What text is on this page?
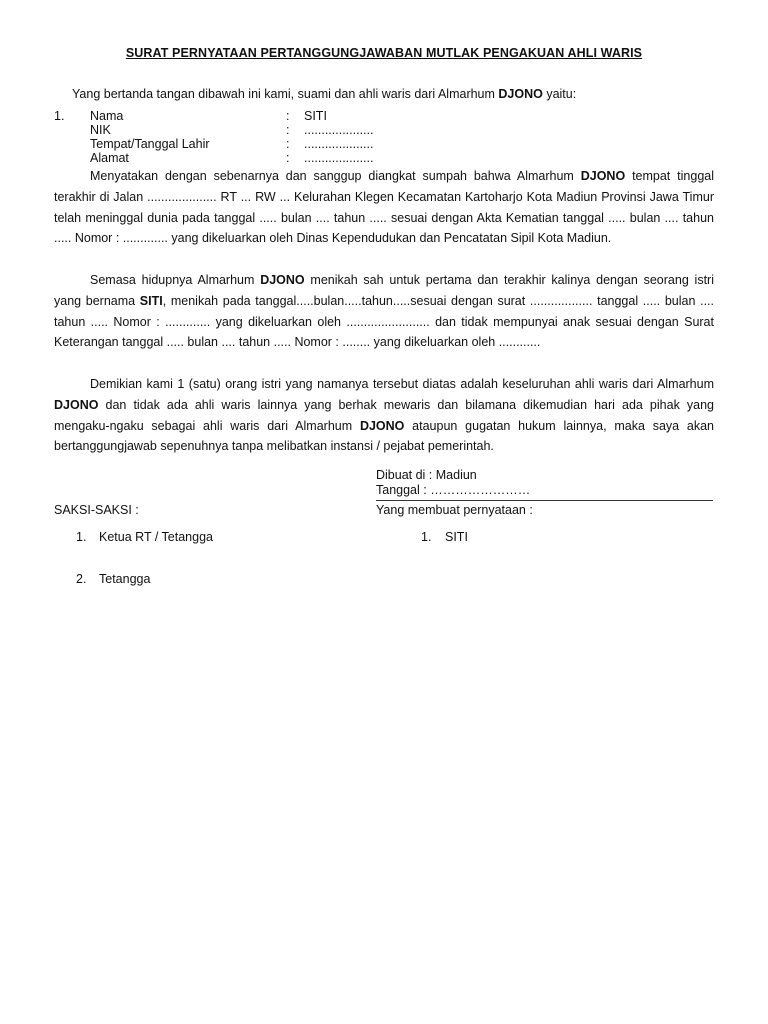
SURAT PERNYATAAN PERTANGGUNGJAWABAN MUTLAK PENGAKUAN AHLI WARIS
Yang bertanda tangan dibawah ini kami, suami dan ahli waris dari Almarhum DJONO yaitu:
1. Nama	: SITI
NIK	: ....................
Tempat/Tanggal Lahir	: ....................
Alamat	: ....................

Menyatakan dengan sebenarnya dan sanggup diangkat sumpah bahwa Almarhum DJONO tempat tinggal terakhir di Jalan .................... RT ... RW ... Kelurahan Klegen Kecamatan Kartoharjo Kota Madiun Provinsi Jawa Timur telah meninggal dunia pada tanggal ..... bulan .... tahun ..... sesuai dengan Akta Kematian tanggal ..... bulan .... tahun ..... Nomor : ............. yang dikeluarkan oleh Dinas Kependudukan dan Pencatatan Sipil Kota Madiun.

Semasa hidupnya Almarhum DJONO menikah sah untuk pertama dan terakhir kalinya dengan seorang istri yang bernama SITI, menikah pada tanggal.....bulan.....tahun.....sesuai dengan surat .................. tanggal ..... bulan .... tahun ..... Nomor : ............. yang dikeluarkan oleh ........................ dan tidak mempunyai anak sesuai dengan Surat Keterangan tanggal ..... bulan .... tahun ..... Nomor : ........ yang dikeluarkan oleh ............

Demikian kami 1 (satu) orang istri yang namanya tersebut diatas adalah keseluruhan ahli waris dari Almarhum DJONO dan tidak ada ahli waris lainnya yang berhak mewaris dan bilamana dikemudian hari ada pihak yang mengaku-ngaku sebagai ahli waris dari Almarhum DJONO ataupun gugatan hukum lainnya, maka saya akan bertanggungjawab sepenuhnya tanpa melibatkan instansi / pejabat pemerintah.

Dibuat di : Madiun
Tanggal : ……………………
SAKSI-SAKSI :	Yang membuat pernyataan :
1. Ketua RT / Tetangga	1. SITI
2. Tetangga
